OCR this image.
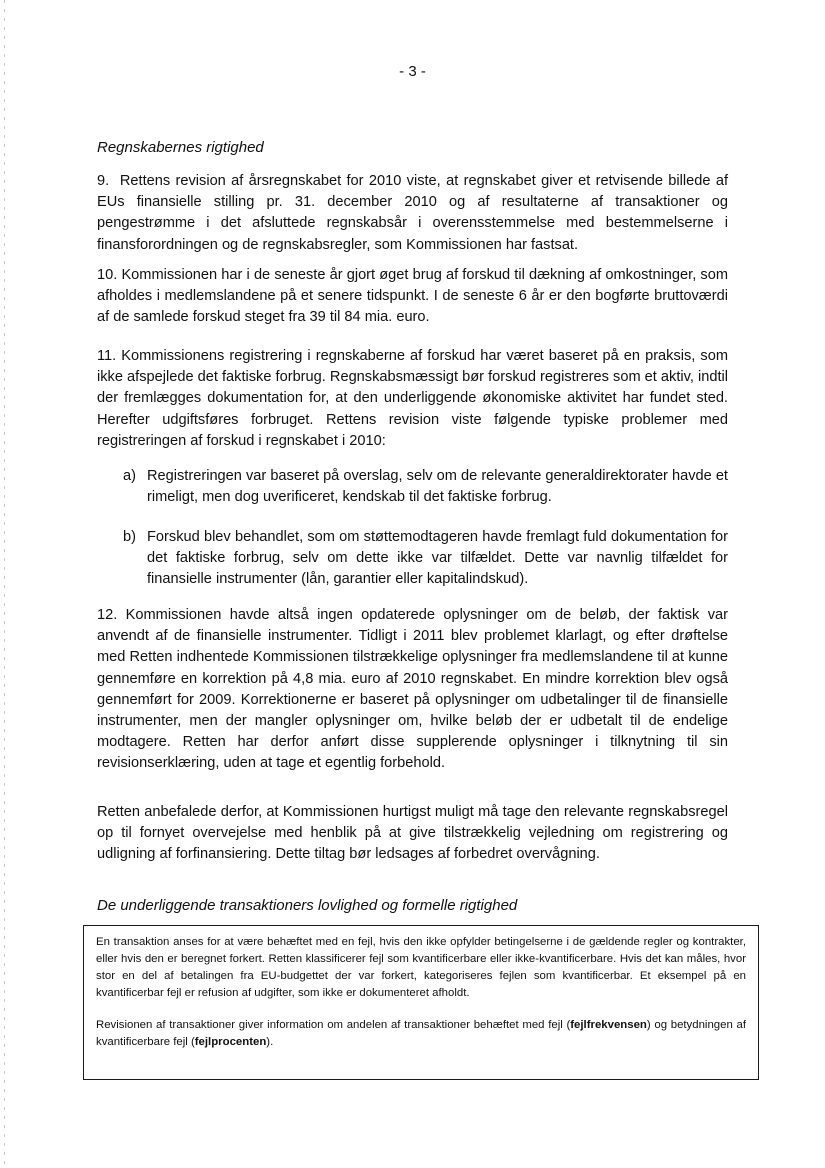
- 3 -
Regnskabernes rigtighed
9. Rettens revision af årsregnskabet for 2010 viste, at regnskabet giver et retvisende billede af EUs finansielle stilling pr. 31. december 2010 og af resultaterne af transaktioner og pengestrømme i det afsluttede regnskabsår i overensstemmelse med bestemmelserne i finansforordningen og de regnskabsregler, som Kommissionen har fastsat.
10. Kommissionen har i de seneste år gjort øget brug af forskud til dækning af omkostninger, som afholdes i medlemslandene på et senere tidspunkt. I de seneste 6 år er den bogførte bruttoværdi af de samlede forskud steget fra 39 til 84 mia. euro.
11. Kommissionens registrering i regnskaberne af forskud har været baseret på en praksis, som ikke afspejlede det faktiske forbrug. Regnskabsmæssigt bør forskud registreres som et aktiv, indtil der fremlægges dokumentation for, at den underliggende økonomiske aktivitet har fundet sted. Herefter udgiftsføres forbruget. Rettens revision viste følgende typiske problemer med registreringen af forskud i regnskabet i 2010:
a) Registreringen var baseret på overslag, selv om de relevante generaldirektorater havde et rimeligt, men dog uverificeret, kendskab til det faktiske forbrug.
b) Forskud blev behandlet, som om støttemodtageren havde fremlagt fuld dokumentation for det faktiske forbrug, selv om dette ikke var tilfældet. Dette var navnlig tilfældet for finansielle instrumenter (lån, garantier eller kapitalindskud).
12. Kommissionen havde altså ingen opdaterede oplysninger om de beløb, der faktisk var anvendt af de finansielle instrumenter. Tidligt i 2011 blev problemet klarlagt, og efter drøftelse med Retten indhentede Kommissionen tilstrækkelige oplysninger fra medlemslandene til at kunne gennemføre en korrektion på 4,8 mia. euro af 2010 regnskabet. En mindre korrektion blev også gennemført for 2009. Korrektionerne er baseret på oplysninger om udbetalinger til de finansielle instrumenter, men der mangler oplysninger om, hvilke beløb der er udbetalt til de endelige modtagere. Retten har derfor anført disse supplerende oplysninger i tilknytning til sin revisionserklæring, uden at tage et egentlig forbehold.
Retten anbefalede derfor, at Kommissionen hurtigst muligt må tage den relevante regnskabsregel op til fornyet overvejelse med henblik på at give tilstrækkelig vejledning om registrering og udligning af forfinansiering. Dette tiltag bør ledsages af forbedret overvågning.
De underliggende transaktioners lovlighed og formelle rigtighed

En transaktion anses for at være behæftet med en fejl, hvis den ikke opfylder betingelserne i de gældende regler og kontrakter, eller hvis den er beregnet forkert. Retten klassificerer fejl som kvantificerbare eller ikke-kvantificerbare. Hvis det kan måles, hvor stor en del af betalingen fra EU-budgettet der var forkert, kategoriseres fejlen som kvantificerbar. Et eksempel på en kvantificerbar fejl er refusion af udgifter, som ikke er dokumenteret afholdt.

Revisionen af transaktioner giver information om andelen af transaktioner behæftet med fejl (fejlfrekvensen) og betydningen af kvantificerbare fejl (fejlprocenten).
